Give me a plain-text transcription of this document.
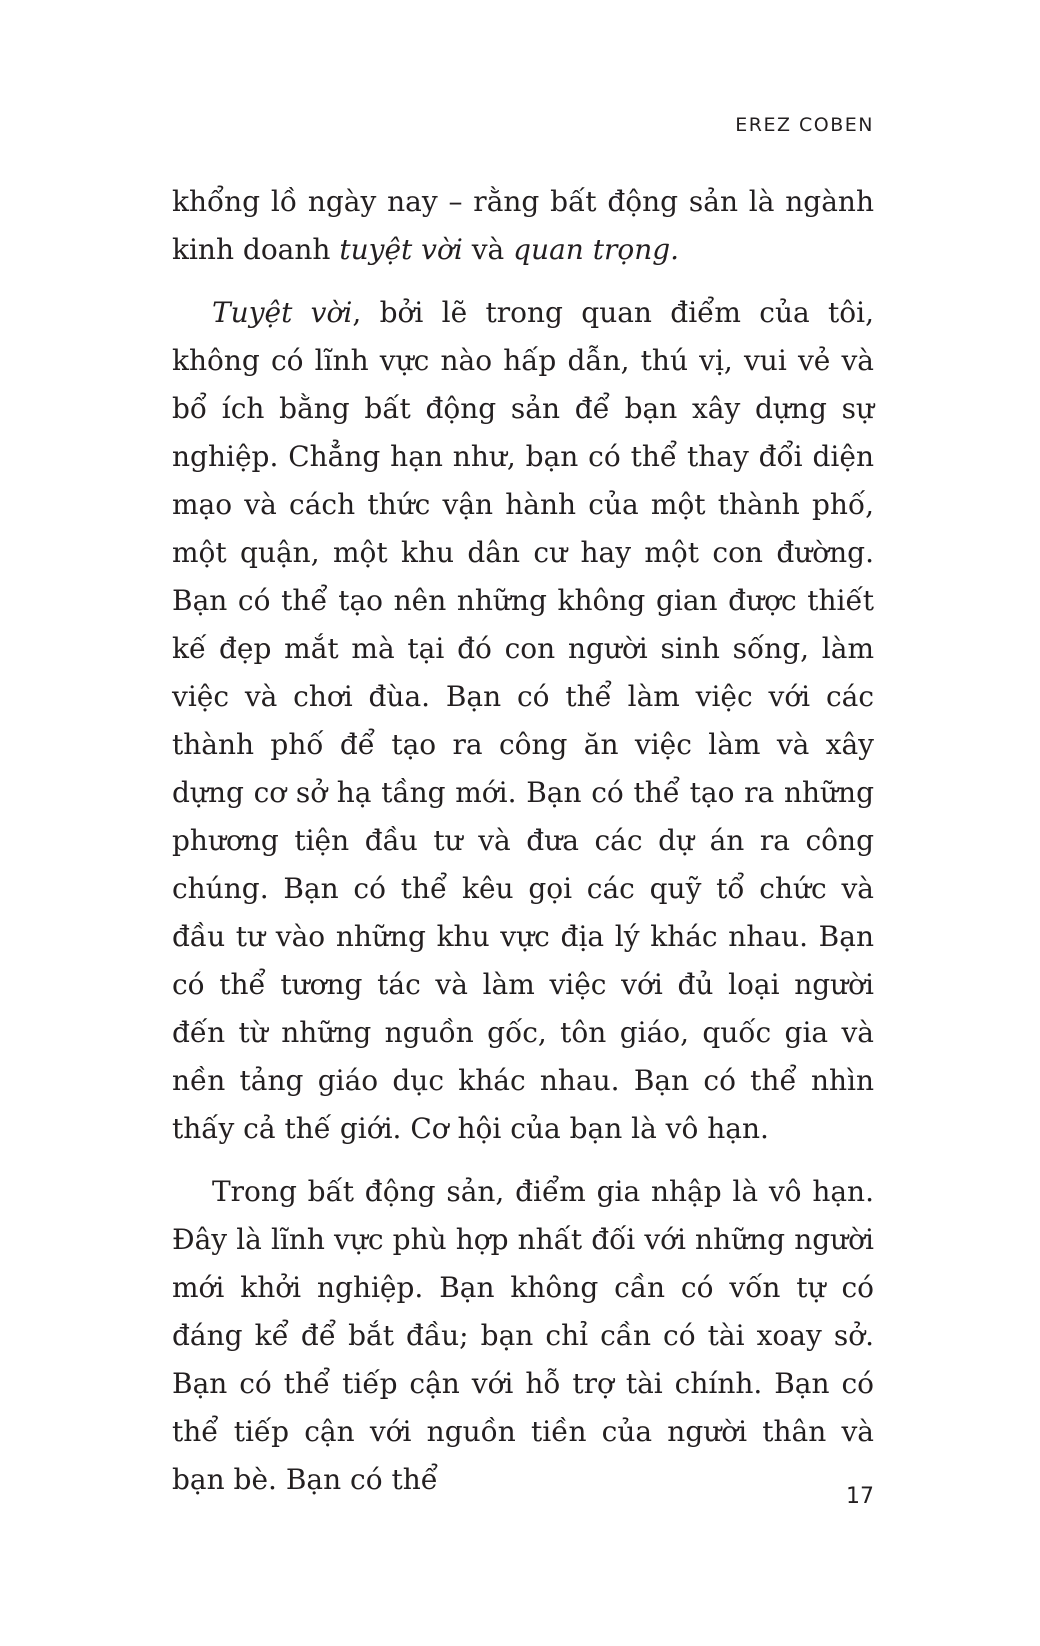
EREZ COBEN

khổng lồ ngày nay – rằng bất động sản là ngành kinh doanh tuyệt vời và quan trọng.

Tuyệt vời, bởi lẽ trong quan điểm của tôi, không có lĩnh vực nào hấp dẫn, thú vị, vui vẻ và bổ ích bằng bất động sản để bạn xây dựng sự nghiệp. Chẳng hạn như, bạn có thể thay đổi diện mạo và cách thức vận hành của một thành phố, một quận, một khu dân cư hay một con đường. Bạn có thể tạo nên những không gian được thiết kế đẹp mắt mà tại đó con người sinh sống, làm việc và chơi đùa. Bạn có thể làm việc với các thành phố để tạo ra công ăn việc làm và xây dựng cơ sở hạ tầng mới. Bạn có thể tạo ra những phương tiện đầu tư và đưa các dự án ra công chúng. Bạn có thể kêu gọi các quỹ tổ chức và đầu tư vào những khu vực địa lý khác nhau. Bạn có thể tương tác và làm việc với đủ loại người đến từ những nguồn gốc, tôn giáo, quốc gia và nền tảng giáo dục khác nhau. Bạn có thể nhìn thấy cả thế giới. Cơ hội của bạn là vô hạn.

Trong bất động sản, điểm gia nhập là vô hạn. Đây là lĩnh vực phù hợp nhất đối với những người mới khởi nghiệp. Bạn không cần có vốn tự có đáng kể để bắt đầu; bạn chỉ cần có tài xoay sở. Bạn có thể tiếp cận với hỗ trợ tài chính. Bạn có thể tiếp cận với nguồn tiền của người thân và bạn bè. Bạn có thể

17
